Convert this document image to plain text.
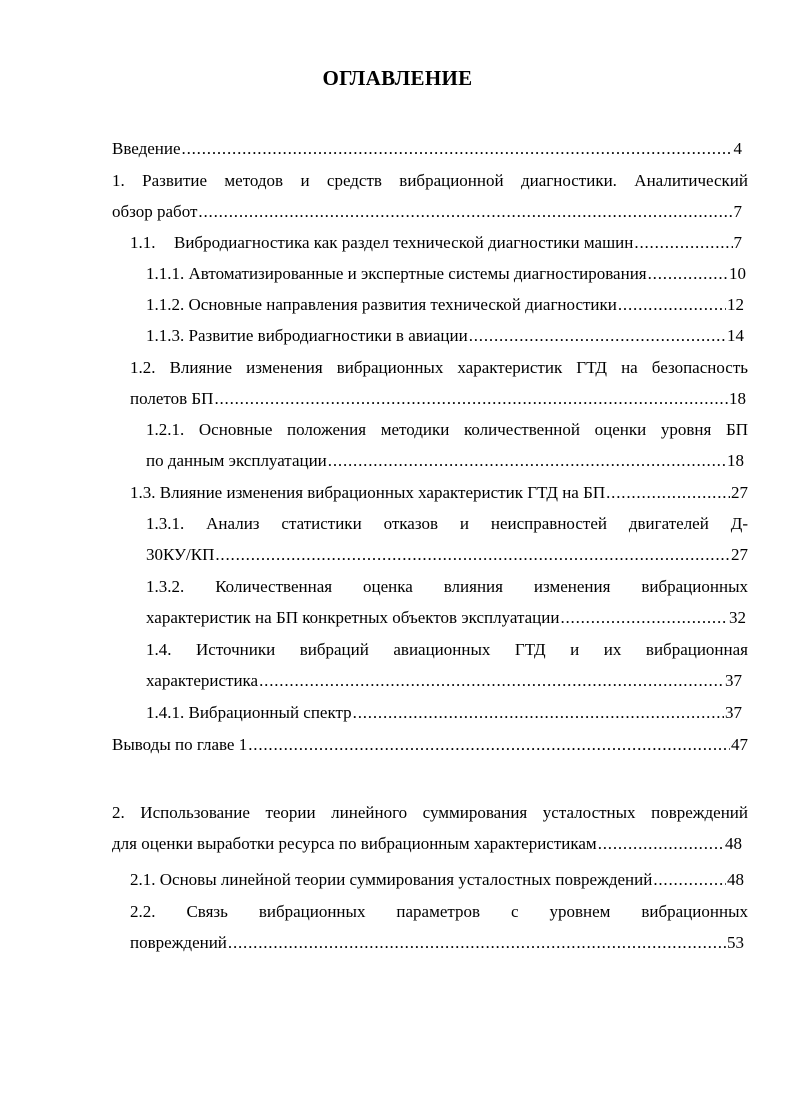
ОГЛАВЛЕНИЕ
Введение .....	4
1. Развитие методов и средств вибрационной диагностики. Аналитический
обзор работ .....	7
1.1.	Вибродиагностика как раздел технической диагностики машин .....	7
1.1.1. Автоматизированные и экспертные системы диагностирования .....	10
1.1.2. Основные направления развития технической диагностики .....	12
1.1.3. Развитие вибродиагностики в авиации .....	14
1.2. Влияние изменения вибрационных характеристик ГТД на безопасность
полетов БП .....	18
1.2.1. Основные положения методики количественной оценки уровня БП
по данным эксплуатации .....	18
1.3. Влияние изменения вибрационных характеристик ГТД на БП .....	27
1.3.1. Анализ статистики отказов и неисправностей двигателей Д-
30КУ/КП .....	27
1.3.2. Количественная оценка влияния изменения вибрационных
характеристик на БП конкретных объектов эксплуатации .....	32
1.4. Источники вибраций авиационных ГТД и их вибрационная
характеристика .....	37
1.4.1. Вибрационный спектр .....	37
Выводы по главе 1 .....	47
2. Использование теории линейного суммирования усталостных повреждений
для оценки выработки ресурса по вибрационным характеристикам .....	48
2.1. Основы линейной теории суммирования усталостных повреждений .....	48
2.2. Связь вибрационных параметров с уровнем вибрационных
повреждений .....	53
